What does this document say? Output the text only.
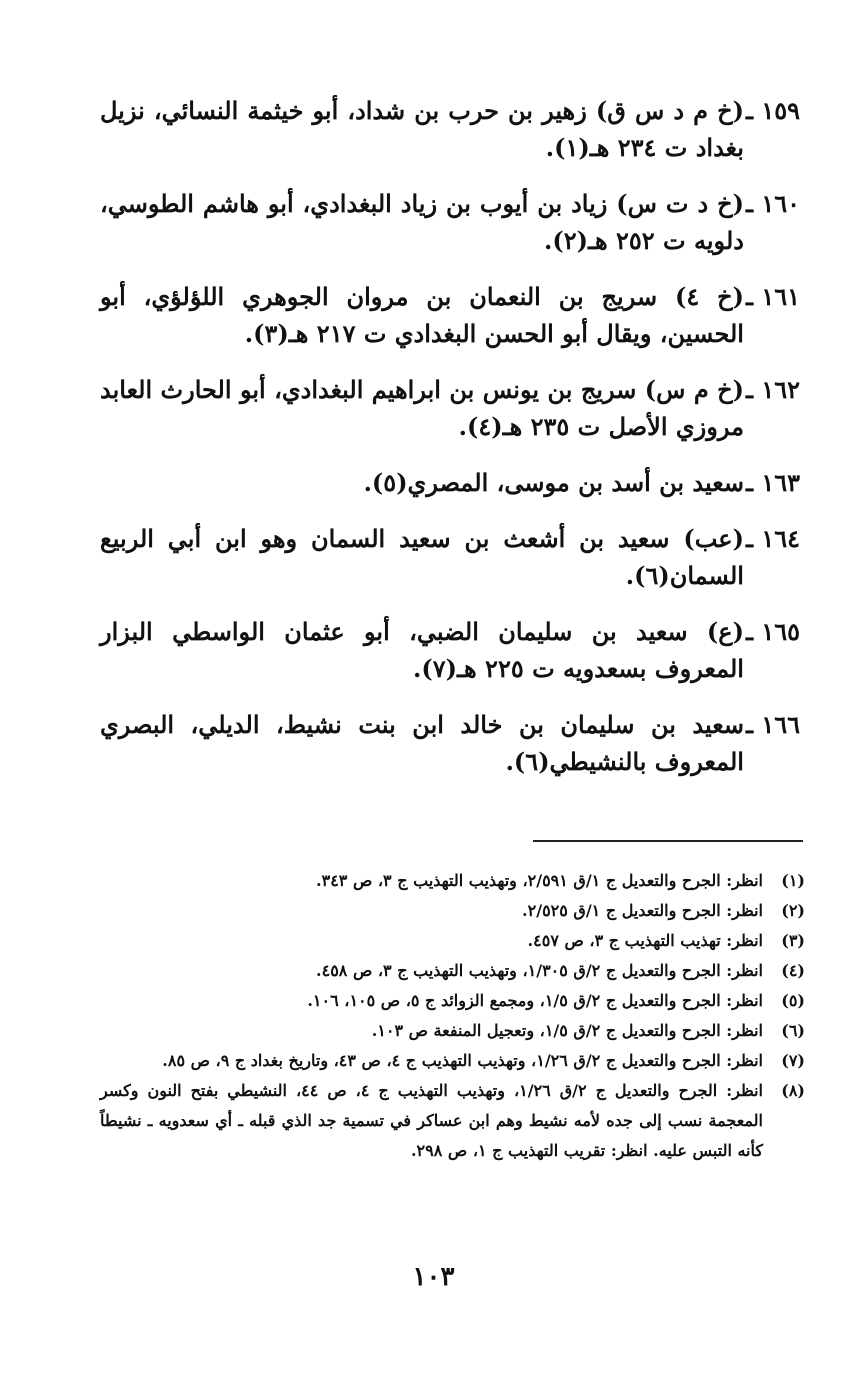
١٥٩ ـ
(خ م د س ق) زهير بن حرب بن شداد، أبو خيثمة النسائي، نزيل بغداد ت ٢٣٤ هـ(١).
١٦٠ ـ
(خ د ت س) زياد بن أيوب بن زياد البغدادي، أبو هاشم الطوسي، دلويه ت ٢٥٢ هـ(٢).
١٦١ ـ
(خ ٤) سريج بن النعمان بن مروان الجوهري اللؤلؤي، أبو الحسين، ويقال أبو الحسن البغدادي ت ٢١٧ هـ(٣).
١٦٢ ـ
(خ م س) سريج بن يونس بن ابراهيم البغدادي، أبو الحارث العابد مروزي الأصل ت ٢٣٥ هـ(٤).
١٦٣ ـ
سعيد بن أسد بن موسى، المصري(٥).
١٦٤ ـ
(عب) سعيد بن أشعث بن سعيد السمان وهو ابن أبي الربيع السمان(٦).
١٦٥ ـ
(ع) سعيد بن سليمان الضبي، أبو عثمان الواسطي البزار المعروف بسعدويه ت ٢٢٥ هـ(٧).
١٦٦ ـ
سعيد بن سليمان بن خالد ابن بنت نشيط، الديلي، البصري المعروف بالنشيطي(٦).
(١)
انظر: الجرح والتعديل ج ١/ق ٢/٥٩١، وتهذيب التهذيب ج ٣، ص ٣٤٣.
(٢)
انظر: الجرح والتعديل ج ١/ق ٢/٥٢٥.
(٣)
انظر: تهذيب التهذيب ج ٣، ص ٤٥٧.
(٤)
انظر: الجرح والتعديل ج ٢/ق ١/٣٠٥، وتهذيب التهذيب ج ٣، ص ٤٥٨.
(٥)
انظر: الجرح والتعديل ج ٢/ق ١/٥، ومجمع الزوائد ج ٥، ص ١٠٥، ١٠٦.
(٦)
انظر: الجرح والتعديل ج ٢/ق ١/٥، وتعجيل المنفعة ص ١٠٣.
(٧)
انظر: الجرح والتعديل ج ٢/ق ١/٢٦، وتهذيب التهذيب ج ٤، ص ٤٣، وتاريخ بغداد ج ٩، ص ٨٥.
(٨)
انظر: الجرح والتعديل ج ٢/ق ١/٢٦، وتهذيب التهذيب ج ٤، ص ٤٤، النشيطي بفتح النون وكسر المعجمة نسب إلى جده لأمه نشيط وهم ابن عساكر في تسمية جد الذي قبله ـ أي سعدويه ـ نشيطاً كأنه التبس عليه. انظر: تقريب التهذيب ج ١، ص ٢٩٨.
١٠٣
